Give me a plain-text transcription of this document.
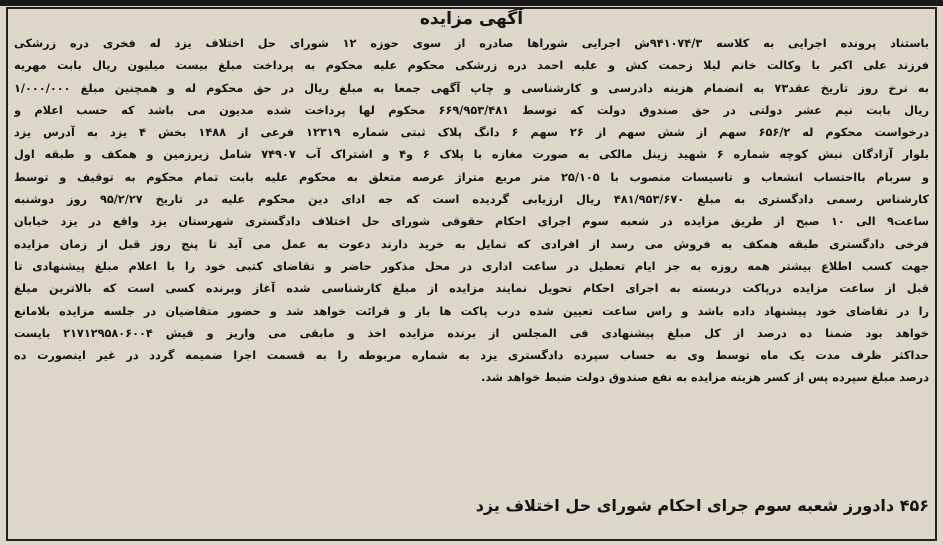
آگهی مزایده
باستناد پرونده اجرایی به کلاسه ۹۴۱۰۷۴/۳ش اجرایی شوراها صادره از سوی حوزه ۱۲ شورای حل اختلاف یزد له فخری دره زرشکی
فرزند علی اکبر با وکالت خانم لیلا زحمت کش و علیه احمد دره زرشکی محکوم علیه محکوم به پرداخت مبلغ بیست میلیون ریال بابت مهریه
به نرخ روز تاریخ عقد۷۳ به انضمام هزینه دادرسی و کارشناسی و چاپ آگهی جمعا به مبلغ ریال در حق محکوم له و همچنین مبلغ ۱/۰۰۰/۰۰۰
ریال بابت نیم عشر دولتی در حق صندوق دولت که توسط ۶۶۹/۹۵۳/۴۸۱ محکوم لها پرداخت شده مدیون می باشد که حسب اعلام و
درخواست محکوم له ۶۵۶/۲ سهم از شش سهم از ۲۶ سهم ۶ دانگ پلاک ثبتی شماره ۱۲۳۱۹ فرعی از ۱۴۸۸ بخش ۴ یزد به آدرس یزد
بلوار آزادگان نبش کوچه شماره ۶ شهید زینل مالکی به صورت مغازه با پلاک ۶ و۴ و اشتراک آب ۷۴۹۰۷ شامل زیرزمین و همکف و طبقه اول
و سربام بااحتساب انشعاب و تاسیسات منصوب با ۲۵/۱۰۵ متر مربع متراژ عرصه متعلق به محکوم علیه بابت تمام محکوم به توقیف و توسط
کارشناس رسمی دادگستری به مبلغ ۴۸۱/۹۵۳/۶۷۰ ریال ارزیابی گردیده است که جه ادای دین محکوم علیه در تاریخ ۹۵/۲/۲۷ روز دوشنبه
ساعت۹ الی ۱۰ صبح از طریق مزایده در شعبه سوم اجرای احکام حقوقی شورای حل اختلاف دادگستری شهرستان یزد واقع در یزد خیابان
فرخی دادگستری طبقه همکف به فروش می رسد از افرادی که تمایل به خرید دارند دعوت به عمل می آید تا پنج روز قبل از زمان مزایده
جهت کسب اطلاع بیشتر همه روزه به جز ایام تعطیل در ساعت اداری در محل مذکور حاضر و تقاضای کتبی خود را با اعلام مبلغ پیشنهادی تا
قبل از ساعت مزایده درپاکت دربسته به اجرای احکام تحویل نمایند مزایده از مبلغ کارشناسی شده آغاز وبرنده کسی است که بالاترین مبلغ
را در تقاضای خود پیشنهاد داده باشد و راس ساعت تعیین شده درب پاکت ها باز و قرائت خواهد شد و حضور متقاضیان در جلسه مزایده بلامانع
خواهد بود ضمنا ده درصد از کل مبلغ پیشنهادی فی المجلس از برنده مزایده اخذ و مابقی می واریز و فیش ۲۱۷۱۲۹۵۸۰۶۰۰۴ بایست
حداکثر ظرف مدت یک ماه توسط وی به حساب سپرده دادگستری یزد به شماره مربوطه را به قسمت اجرا ضمیمه گردد در غیر اینصورت ده
درصد مبلغ سپرده پس از کسر هزینه مزایده به نفع صندوق دولت ضبط خواهد شد.
۴۵۶ دادورز شعبه سوم جرای احکام شورای حل اختلاف یزد
